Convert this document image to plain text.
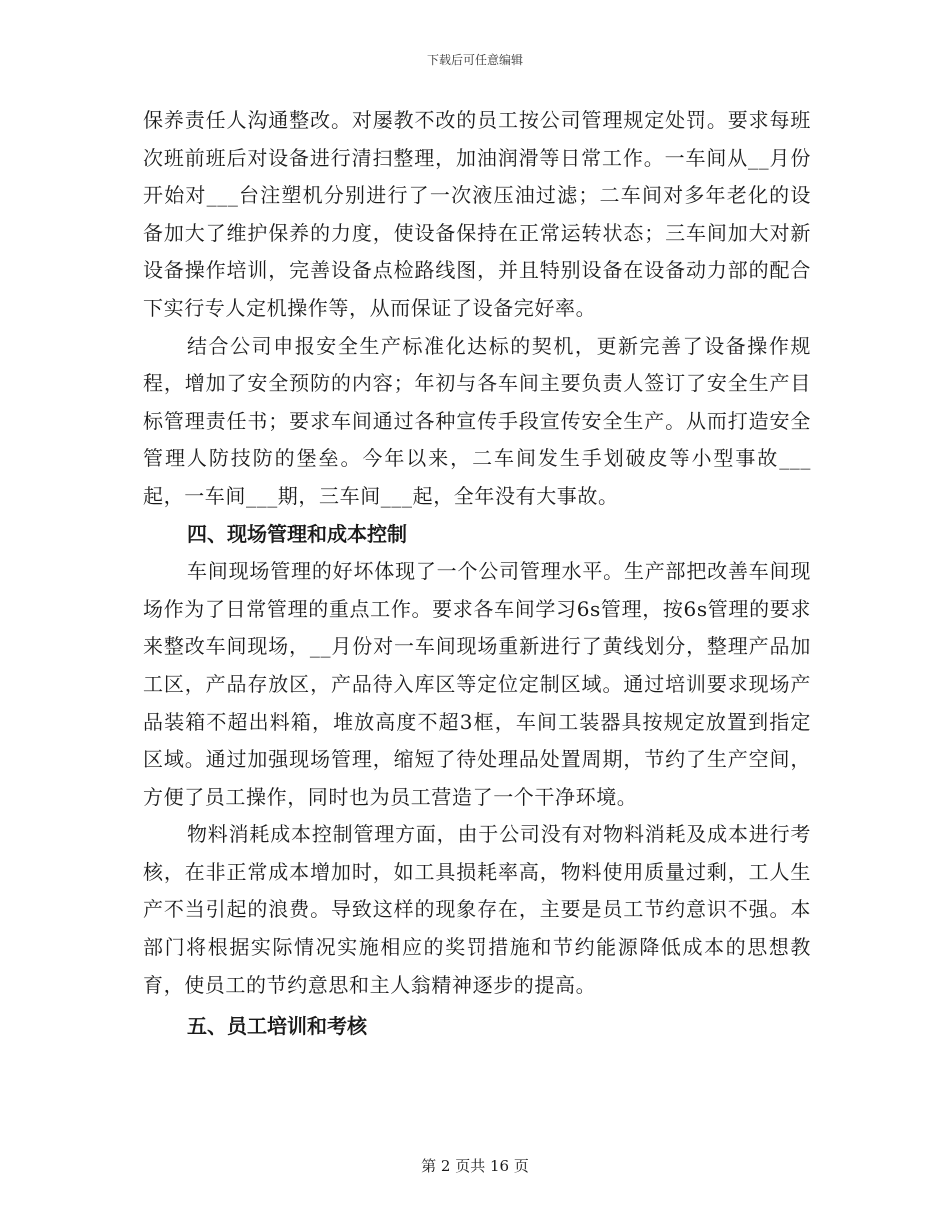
下载后可任意编辑

保养责任人沟通整改。对屡教不改的员工按公司管理规定处罚。要求每班次班前班后对设备进行清扫整理，加油润滑等日常工作。一车间从__月份开始对___台注塑机分别进行了一次液压油过滤；二车间对多年老化的设备加大了维护保养的力度，使设备保持在正常运转状态；三车间加大对新设备操作培训，完善设备点检路线图，并且特别设备在设备动力部的配合下实行专人定机操作等，从而保证了设备完好率。

结合公司申报安全生产标准化达标的契机，更新完善了设备操作规程，增加了安全预防的内容；年初与各车间主要负责人签订了安全生产目标管理责任书；要求车间通过各种宣传手段宣传安全生产。从而打造安全管理人防技防的堡垒。今年以来，二车间发生手划破皮等小型事故___起，一车间___期，三车间___起，全年没有大事故。

四、现场管理和成本控制

车间现场管理的好坏体现了一个公司管理水平。生产部把改善车间现场作为了日常管理的重点工作。要求各车间学习6s管理，按6s管理的要求来整改车间现场，__月份对一车间现场重新进行了黄线划分，整理产品加工区，产品存放区，产品待入库区等定位定制区域。通过培训要求现场产品装箱不超出料箱，堆放高度不超3框，车间工装器具按规定放置到指定区域。通过加强现场管理，缩短了待处理品处置周期，节约了生产空间，方便了员工操作，同时也为员工营造了一个干净环境。

物料消耗成本控制管理方面，由于公司没有对物料消耗及成本进行考核，在非正常成本增加时，如工具损耗率高，物料使用质量过剩，工人生产不当引起的浪费。导致这样的现象存在，主要是员工节约意识不强。本部门将根据实际情况实施相应的奖罚措施和节约能源降低成本的思想教育，使员工的节约意思和主人翁精神逐步的提高。

五、员工培训和考核
第 2 页共 16 页
